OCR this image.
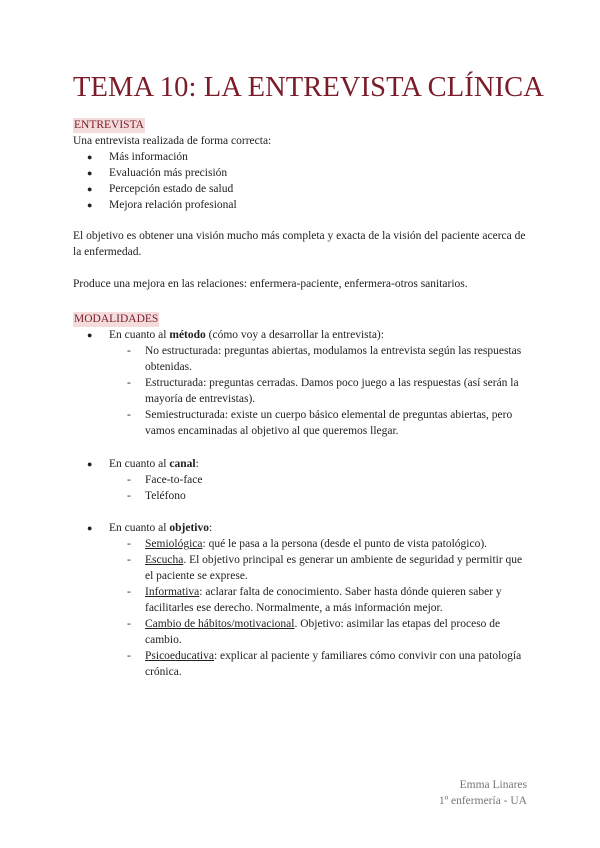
TEMA 10: LA ENTREVISTA CLÍNICA

ENTREVISTA

Una entrevista realizada de forma correcta:

● Más información
● Evaluación más precisión
● Percepción estado de salud
● Mejora relación profesional

El objetivo es obtener una visión mucho más completa y exacta de la visión del paciente acerca de la enfermedad.

Produce una mejora en las relaciones: enfermera-paciente, enfermera-otros sanitarios.

MODALIDADES

● En cuanto al método (cómo voy a desarrollar la entrevista):
- No estructurada: preguntas abiertas, modulamos la entrevista según las respuestas obtenidas.
- Estructurada: preguntas cerradas. Damos poco juego a las respuestas (así serán la mayoría de entrevistas).
- Semiestructurada: existe un cuerpo básico elemental de preguntas abiertas, pero vamos encaminadas al objetivo al que queremos llegar.
● En cuanto al canal:
- Face-to-face
- Teléfono
● En cuanto al objetivo:
- Semiológica: qué le pasa a la persona (desde el punto de vista patológico).
- Escucha. El objetivo principal es generar un ambiente de seguridad y permitir que el paciente se exprese.
- Informativa: aclarar falta de conocimiento. Saber hasta dónde quieren saber y facilitarles ese derecho. Normalmente, a más información mejor.
- Cambio de hábitos/motivacional. Objetivo: asimilar las etapas del proceso de cambio.
- Psicoeducativa: explicar al paciente y familiares cómo convivir con una patología crónica.
Emma Linares
1º enfermería - UA
